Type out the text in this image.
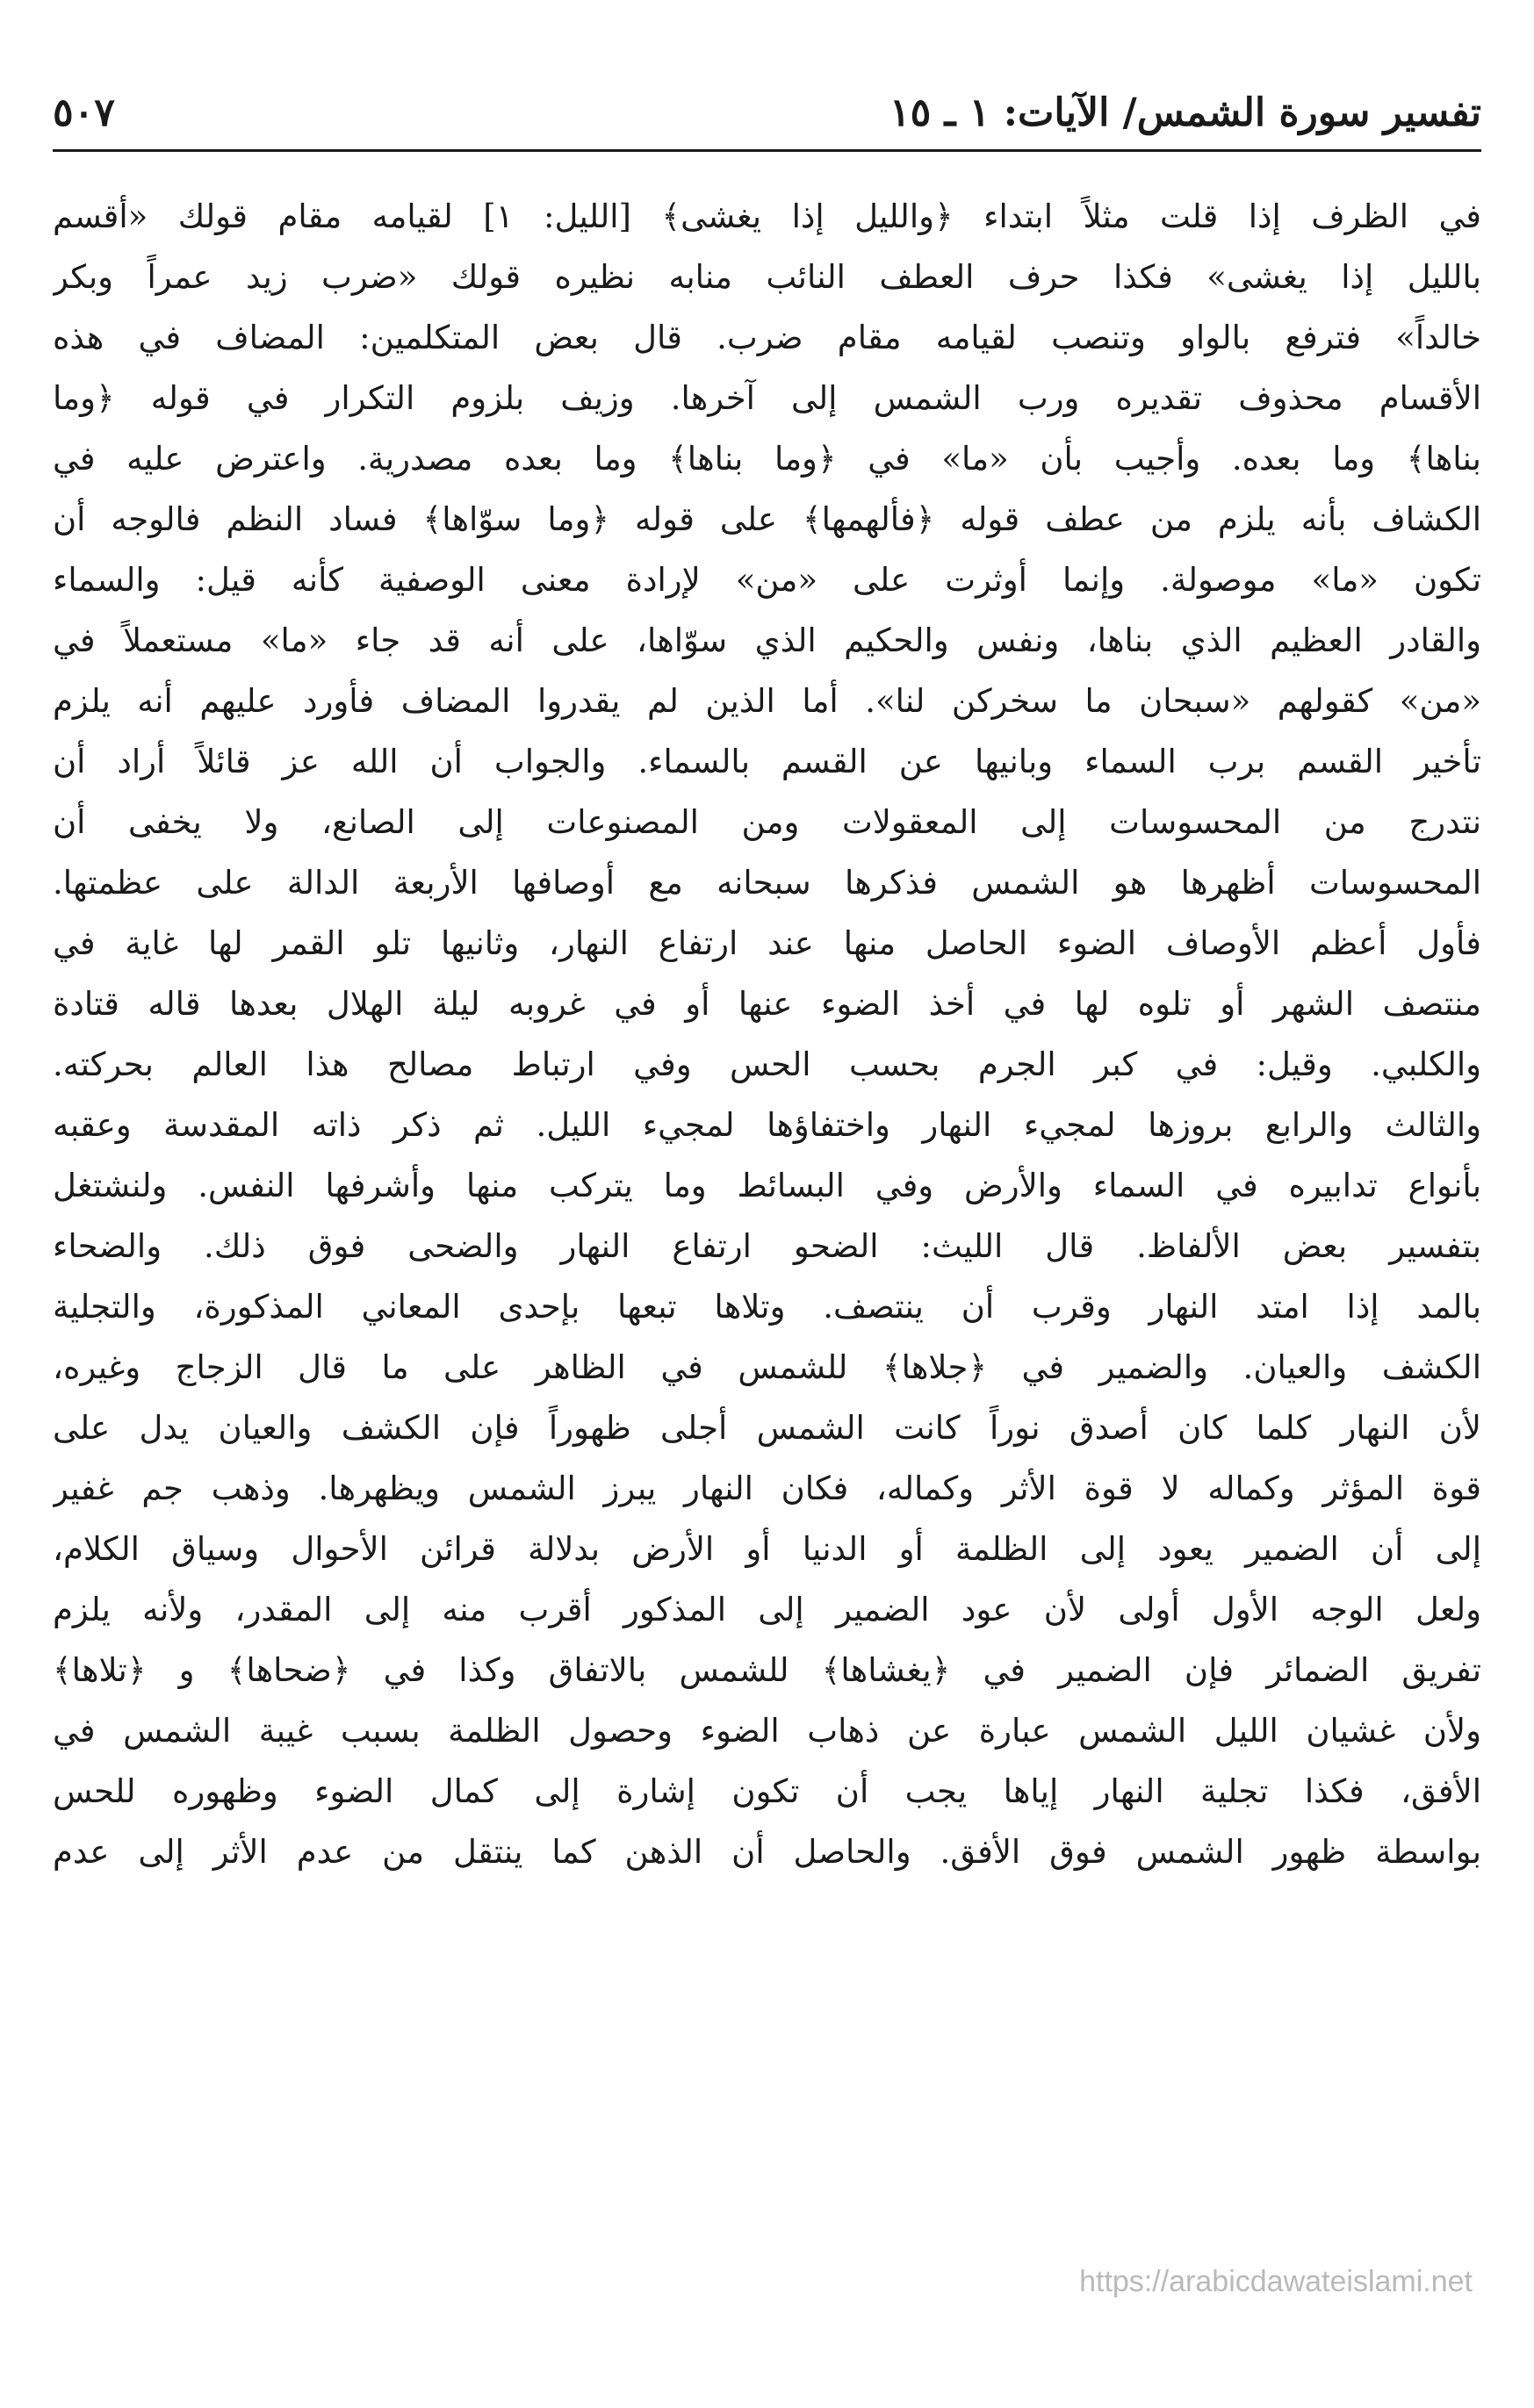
تفسير سورة الشمس/ الآيات: ١ ـ ١٥
٥٠٧
في الظرف إذا قلت مثلاً ابتداء ﴿والليل إذا يغشى﴾ [الليل: ١] لقيامه مقام قولك «أقسم
بالليل إذا يغشى» فكذا حرف العطف النائب منابه نظيره قولك «ضرب زيد عمراً وبكر
خالداً» فترفع بالواو وتنصب لقيامه مقام ضرب. قال بعض المتكلمين: المضاف في هذه
الأقسام محذوف تقديره ورب الشمس إلى آخرها. وزيف بلزوم التكرار في قوله ﴿وما
بناها﴾ وما بعده. وأجيب بأن «ما» في ﴿وما بناها﴾ وما بعده مصدرية. واعترض عليه في
الكشاف بأنه يلزم من عطف قوله ﴿فألهمها﴾ على قوله ﴿وما سوّاها﴾ فساد النظم فالوجه أن
تكون «ما» موصولة. وإنما أوثرت على «من» لإرادة معنى الوصفية كأنه قيل: والسماء
والقادر العظيم الذي بناها، ونفس والحكيم الذي سوّاها، على أنه قد جاء «ما» مستعملاً في
«من» كقولهم «سبحان ما سخركن لنا». أما الذين لم يقدروا المضاف فأورد عليهم أنه يلزم
تأخير القسم برب السماء وبانيها عن القسم بالسماء. والجواب أن الله عز قائلاً أراد أن
نتدرج من المحسوسات إلى المعقولات ومن المصنوعات إلى الصانع، ولا يخفى أن
المحسوسات أظهرها هو الشمس فذكرها سبحانه مع أوصافها الأربعة الدالة على عظمتها.
فأول أعظم الأوصاف الضوء الحاصل منها عند ارتفاع النهار، وثانيها تلو القمر لها غاية في
منتصف الشهر أو تلوه لها في أخذ الضوء عنها أو في غروبه ليلة الهلال بعدها قاله قتادة
والكلبي. وقيل: في كبر الجرم بحسب الحس وفي ارتباط مصالح هذا العالم بحركته.
والثالث والرابع بروزها لمجيء النهار واختفاؤها لمجيء الليل. ثم ذكر ذاته المقدسة وعقبه
بأنواع تدابيره في السماء والأرض وفي البسائط وما يتركب منها وأشرفها النفس. ولنشتغل
بتفسير بعض الألفاظ. قال الليث: الضحو ارتفاع النهار والضحى فوق ذلك. والضحاء
بالمد إذا امتد النهار وقرب أن ينتصف. وتلاها تبعها بإحدى المعاني المذكورة، والتجلية
الكشف والعيان. والضمير في ﴿جلاها﴾ للشمس في الظاهر على ما قال الزجاج وغيره،
لأن النهار كلما كان أصدق نوراً كانت الشمس أجلى ظهوراً فإن الكشف والعيان يدل على
قوة المؤثر وكماله لا قوة الأثر وكماله، فكان النهار يبرز الشمس ويظهرها. وذهب جم غفير
إلى أن الضمير يعود إلى الظلمة أو الدنيا أو الأرض بدلالة قرائن الأحوال وسياق الكلام،
ولعل الوجه الأول أولى لأن عود الضمير إلى المذكور أقرب منه إلى المقدر، ولأنه يلزم
تفريق الضمائر فإن الضمير في ﴿يغشاها﴾ للشمس بالاتفاق وكذا في ﴿ضحاها﴾ و ﴿تلاها﴾
ولأن غشيان الليل الشمس عبارة عن ذهاب الضوء وحصول الظلمة بسبب غيبة الشمس في
الأفق، فكذا تجلية النهار إياها يجب أن تكون إشارة إلى كمال الضوء وظهوره للحس
بواسطة ظهور الشمس فوق الأفق. والحاصل أن الذهن كما ينتقل من عدم الأثر إلى عدم
https://arabicdawateislami.net
